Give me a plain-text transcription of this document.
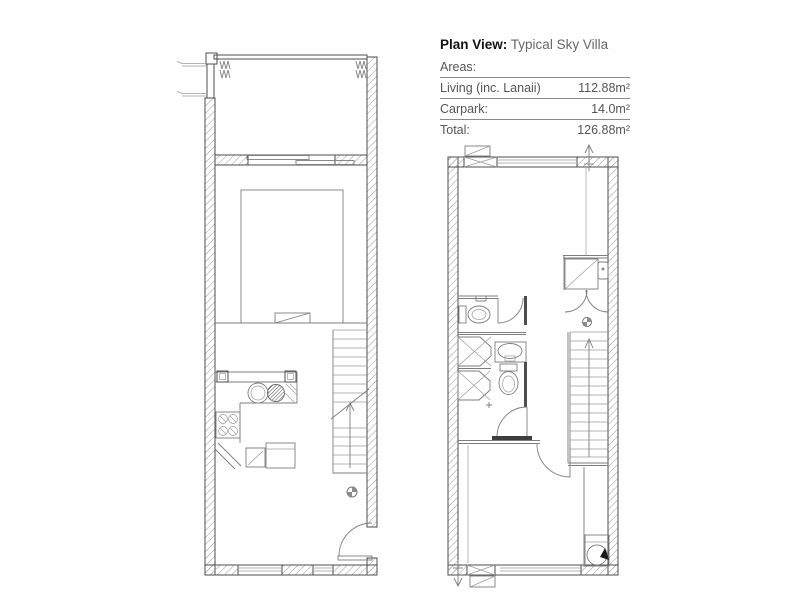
Plan View: Typical Sky Villa
Areas:
Living (inc. Lanaii)	112.88m²
Carpark:	14.0m²
Total:	126.88m²
